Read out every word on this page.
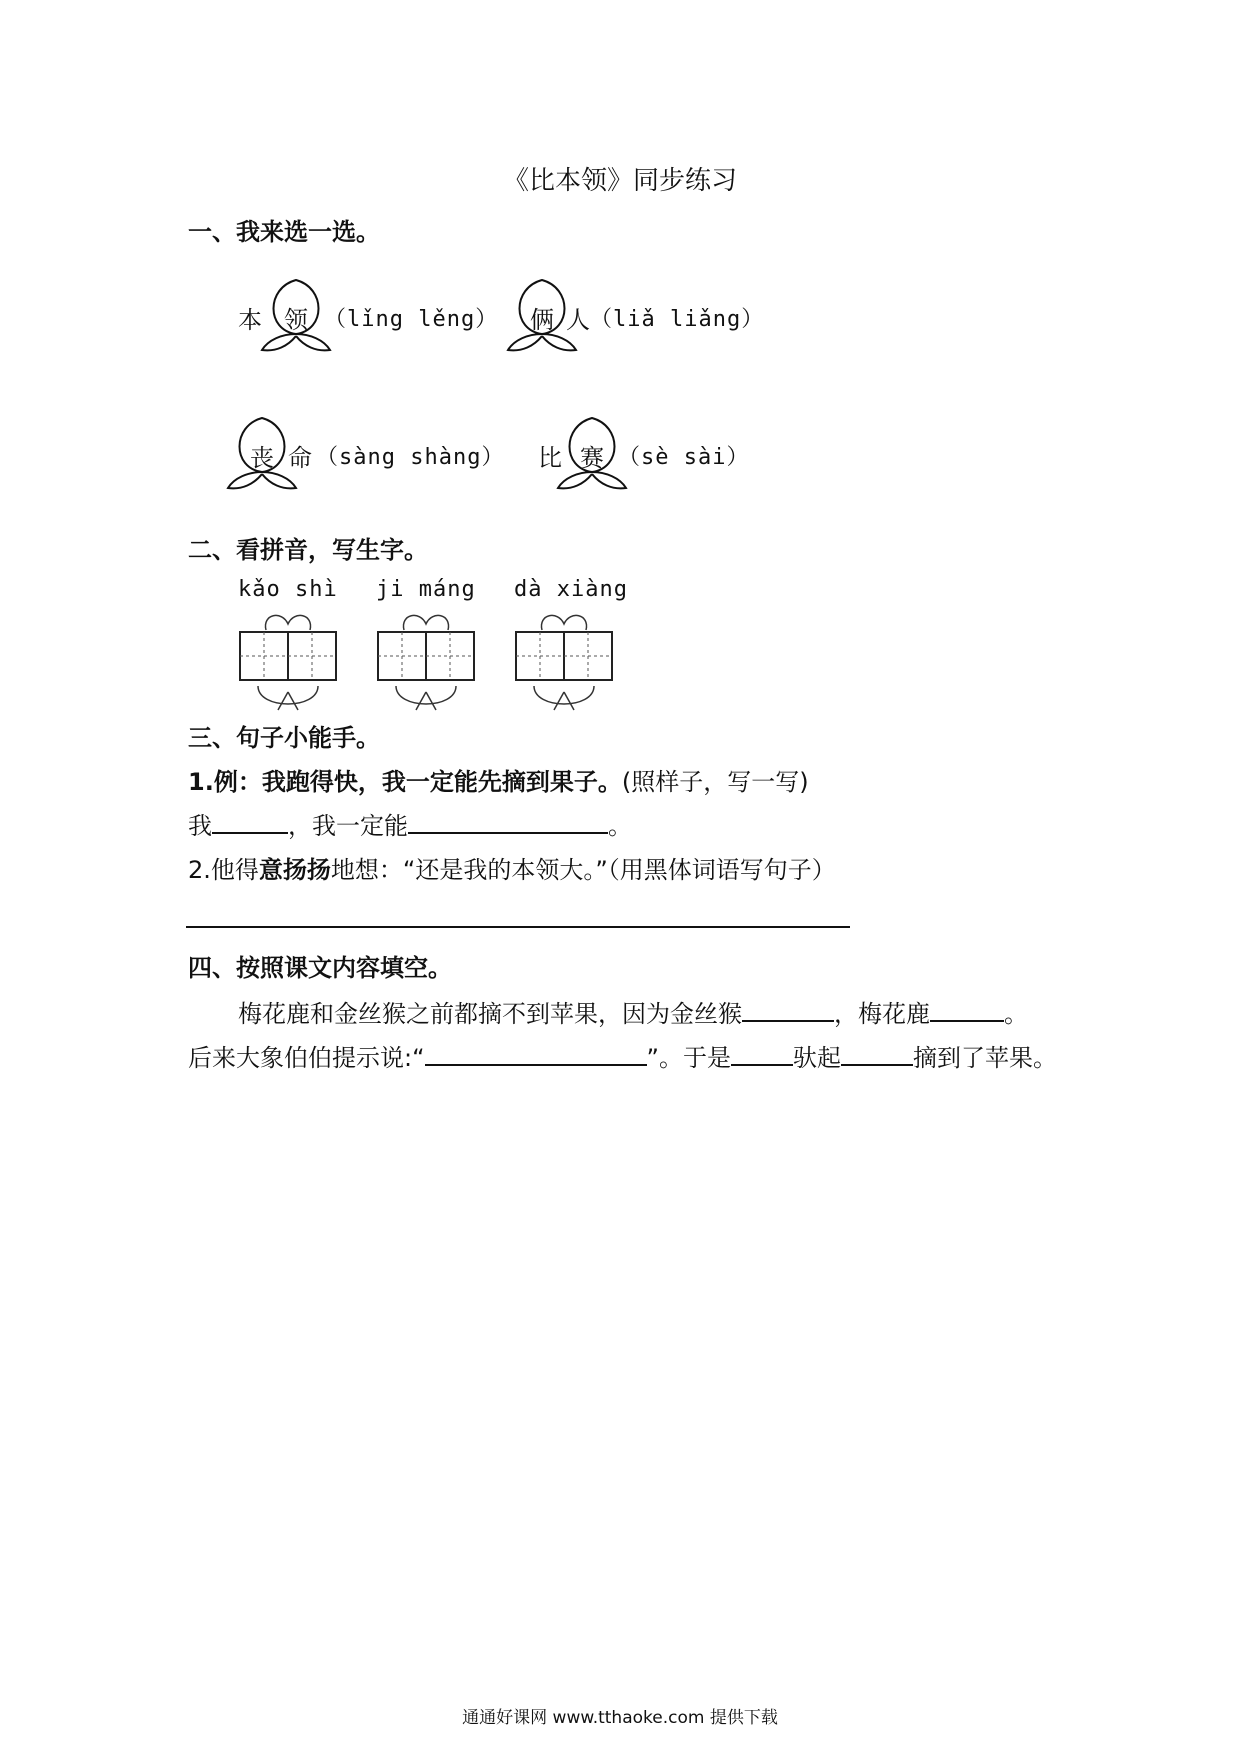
《比本领》同步练习
一、我来选一选。
本 领 （lǐng lěng）	俩 人 （liǎ liǎng）
丧 命 （sàng shàng） 比 赛 （sè sài）
二、看拼音，写生字。
kǎo shì ji máng dà xiàng
三、句子小能手。
1.例：我跑得快，我一定能先摘到果子。(照样子，写一写)
我	，我一定能	。
2.他得意扬扬地想：“还是我的本领大。”（用黑体词语写句子）
四、按照课文内容填空。
梅花鹿和金丝猴之前都摘不到苹果，因为金丝猴	，梅花鹿	。
后来大象伯伯提示说:“	”。于是	驮起	摘到了苹果。
通通好课网 www.tthaoke.com 提供下载
